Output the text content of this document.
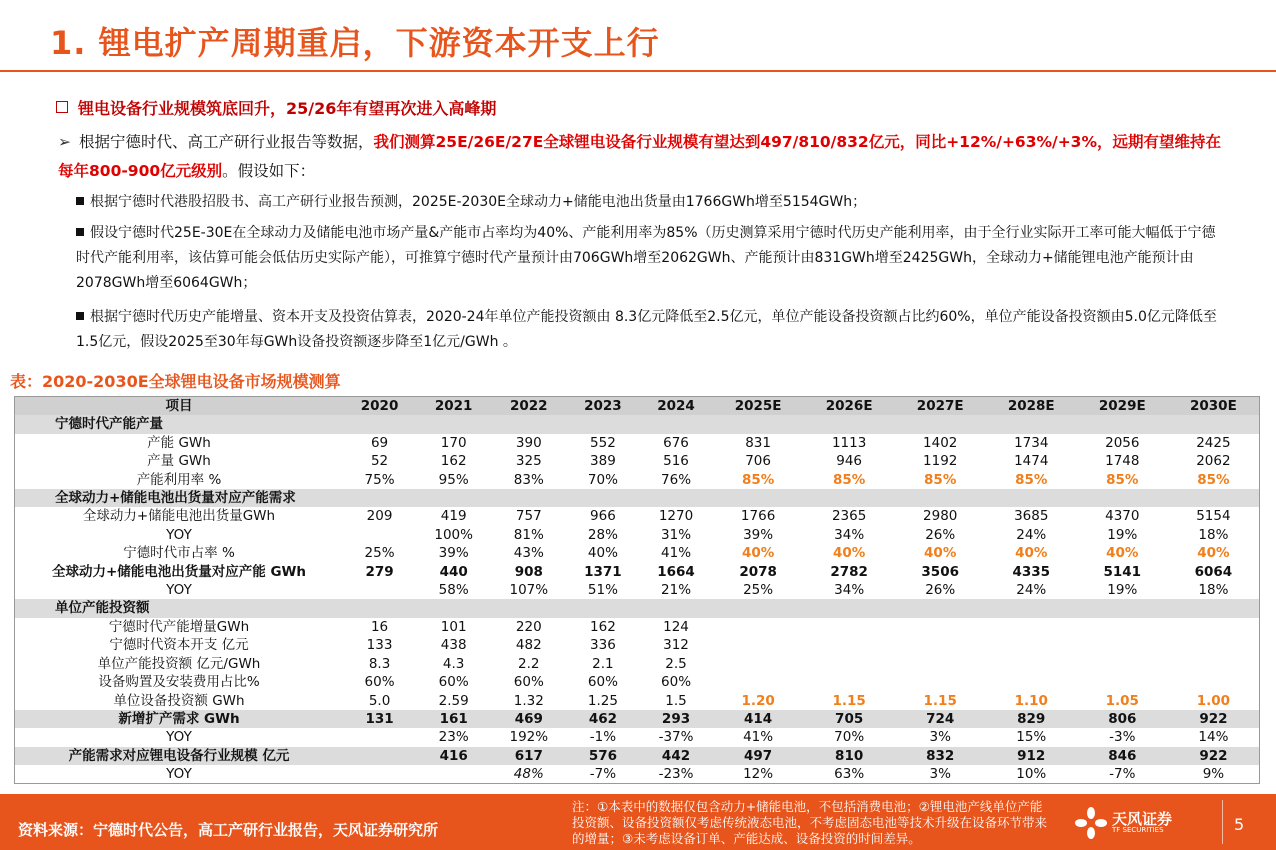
1. 锂电扩产周期重启，下游资本开支上行
锂电设备行业规模筑底回升，25/26年有望再次进入高峰期
➢ 根据宁德时代、高工产研行业报告等数据，我们测算25E/26E/27E全球锂电设备行业规模有望达到497/810/832亿元，同比+12%/+63%/+3%，远期有望维持在每年800-900亿元级别。假设如下：
根据宁德时代港股招股书、高工产研行业报告预测，2025E-2030E全球动力+储能电池出货量由1766GWh增至5154GWh；
假设宁德时代25E-30E在全球动力及储能电池市场产量&产能市占率均为40%、产能利用率为85%（历史测算采用宁德时代历史产能利用率，由于全行业实际开工率可能大幅低于宁德时代产能利用率，该估算可能会低估历史实际产能），可推算宁德时代产量预计由706GWh增至2062GWh、产能预计由831GWh增至2425GWh，全球动力+储能锂电池产能预计由2078GWh增至6064GWh；
根据宁德时代历史产能增量、资本开支及投资估算表，2020-24年单位产能投资额由 8.3亿元降低至2.5亿元，单位产能设备投资额占比约60%，单位产能设备投资额由5.0亿元降低至1.5亿元，假设2025至30年每GWh设备投资额逐步降至1亿元/GWh 。
表：2020-2030E全球锂电设备市场规模测算
项目	2020	2021	2022	2023	2024	2025E	2026E	2027E	2028E	2029E	2030E
宁德时代产能产量											
产能 GWh	69	170	390	552	676	831	1113	1402	1734	2056	2425
产量 GWh	52	162	325	389	516	706	946	1192	1474	1748	2062
产能利用率 %	75%	95%	83%	70%	76%	85%	85%	85%	85%	85%	85%
全球动力+储能电池出货量对应产能需求											
全球动力+储能电池出货量GWh	209	419	757	966	1270	1766	2365	2980	3685	4370	5154
YOY		100%	81%	28%	31%	39%	34%	26%	24%	19%	18%
宁德时代市占率 %	25%	39%	43%	40%	41%	40%	40%	40%	40%	40%	40%
全球动力+储能电池出货量对应产能 GWh	279	440	908	1371	1664	2078	2782	3506	4335	5141	6064
YOY		58%	107%	51%	21%	25%	34%	26%	24%	19%	18%
单位产能投资额											
宁德时代产能增量GWh	16	101	220	162	124						
宁德时代资本开支 亿元	133	438	482	336	312						
单位产能投资额 亿元/GWh	8.3	4.3	2.2	2.1	2.5						
设备购置及安装费用占比%	60%	60%	60%	60%	60%						
单位设备投资额 GWh	5.0	2.59	1.32	1.25	1.5	1.20	1.15	1.15	1.10	1.05	1.00
新增扩产需求 GWh	131	161	469	462	293	414	705	724	829	806	922
YOY		23%	192%	-1%	-37%	41%	70%	3%	15%	-3%	14%
产能需求对应锂电设备行业规模 亿元		416	617	576	442	497	810	832	912	846	922
YOY			48%	-7%	-23%	12%	63%	3%	10%	-7%	9%
资料来源：宁德时代公告，高工产研行业报告，天风证券研究所
注：①本表中的数据仅包含动力+储能电池，不包括消费电池；②锂电池产线单位产能投资额、设备投资额仅考虑传统液态电池，不考虑固态电池等技术升级在设备环节带来的增量；③未考虑设备订单、产能达成、设备投资的时间差异。
天风证券
TF SECURITIES	5
